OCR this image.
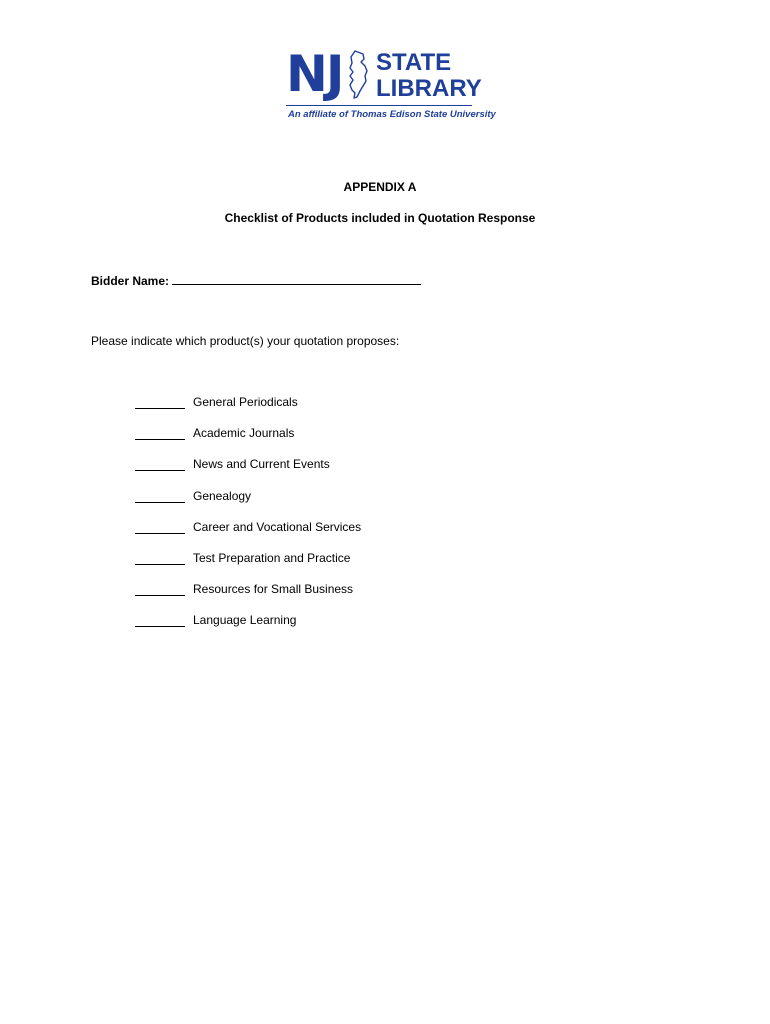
NJ STATE
LIBRARY
An affiliate of Thomas Edison State University
APPENDIX A
Checklist of Products included in Quotation Response
Bidder Name:
Please indicate which product(s) your quotation proposes:
General Periodicals
Academic Journals
News and Current Events
Genealogy
Career and Vocational Services
Test Preparation and Practice
Resources for Small Business
Language Learning
